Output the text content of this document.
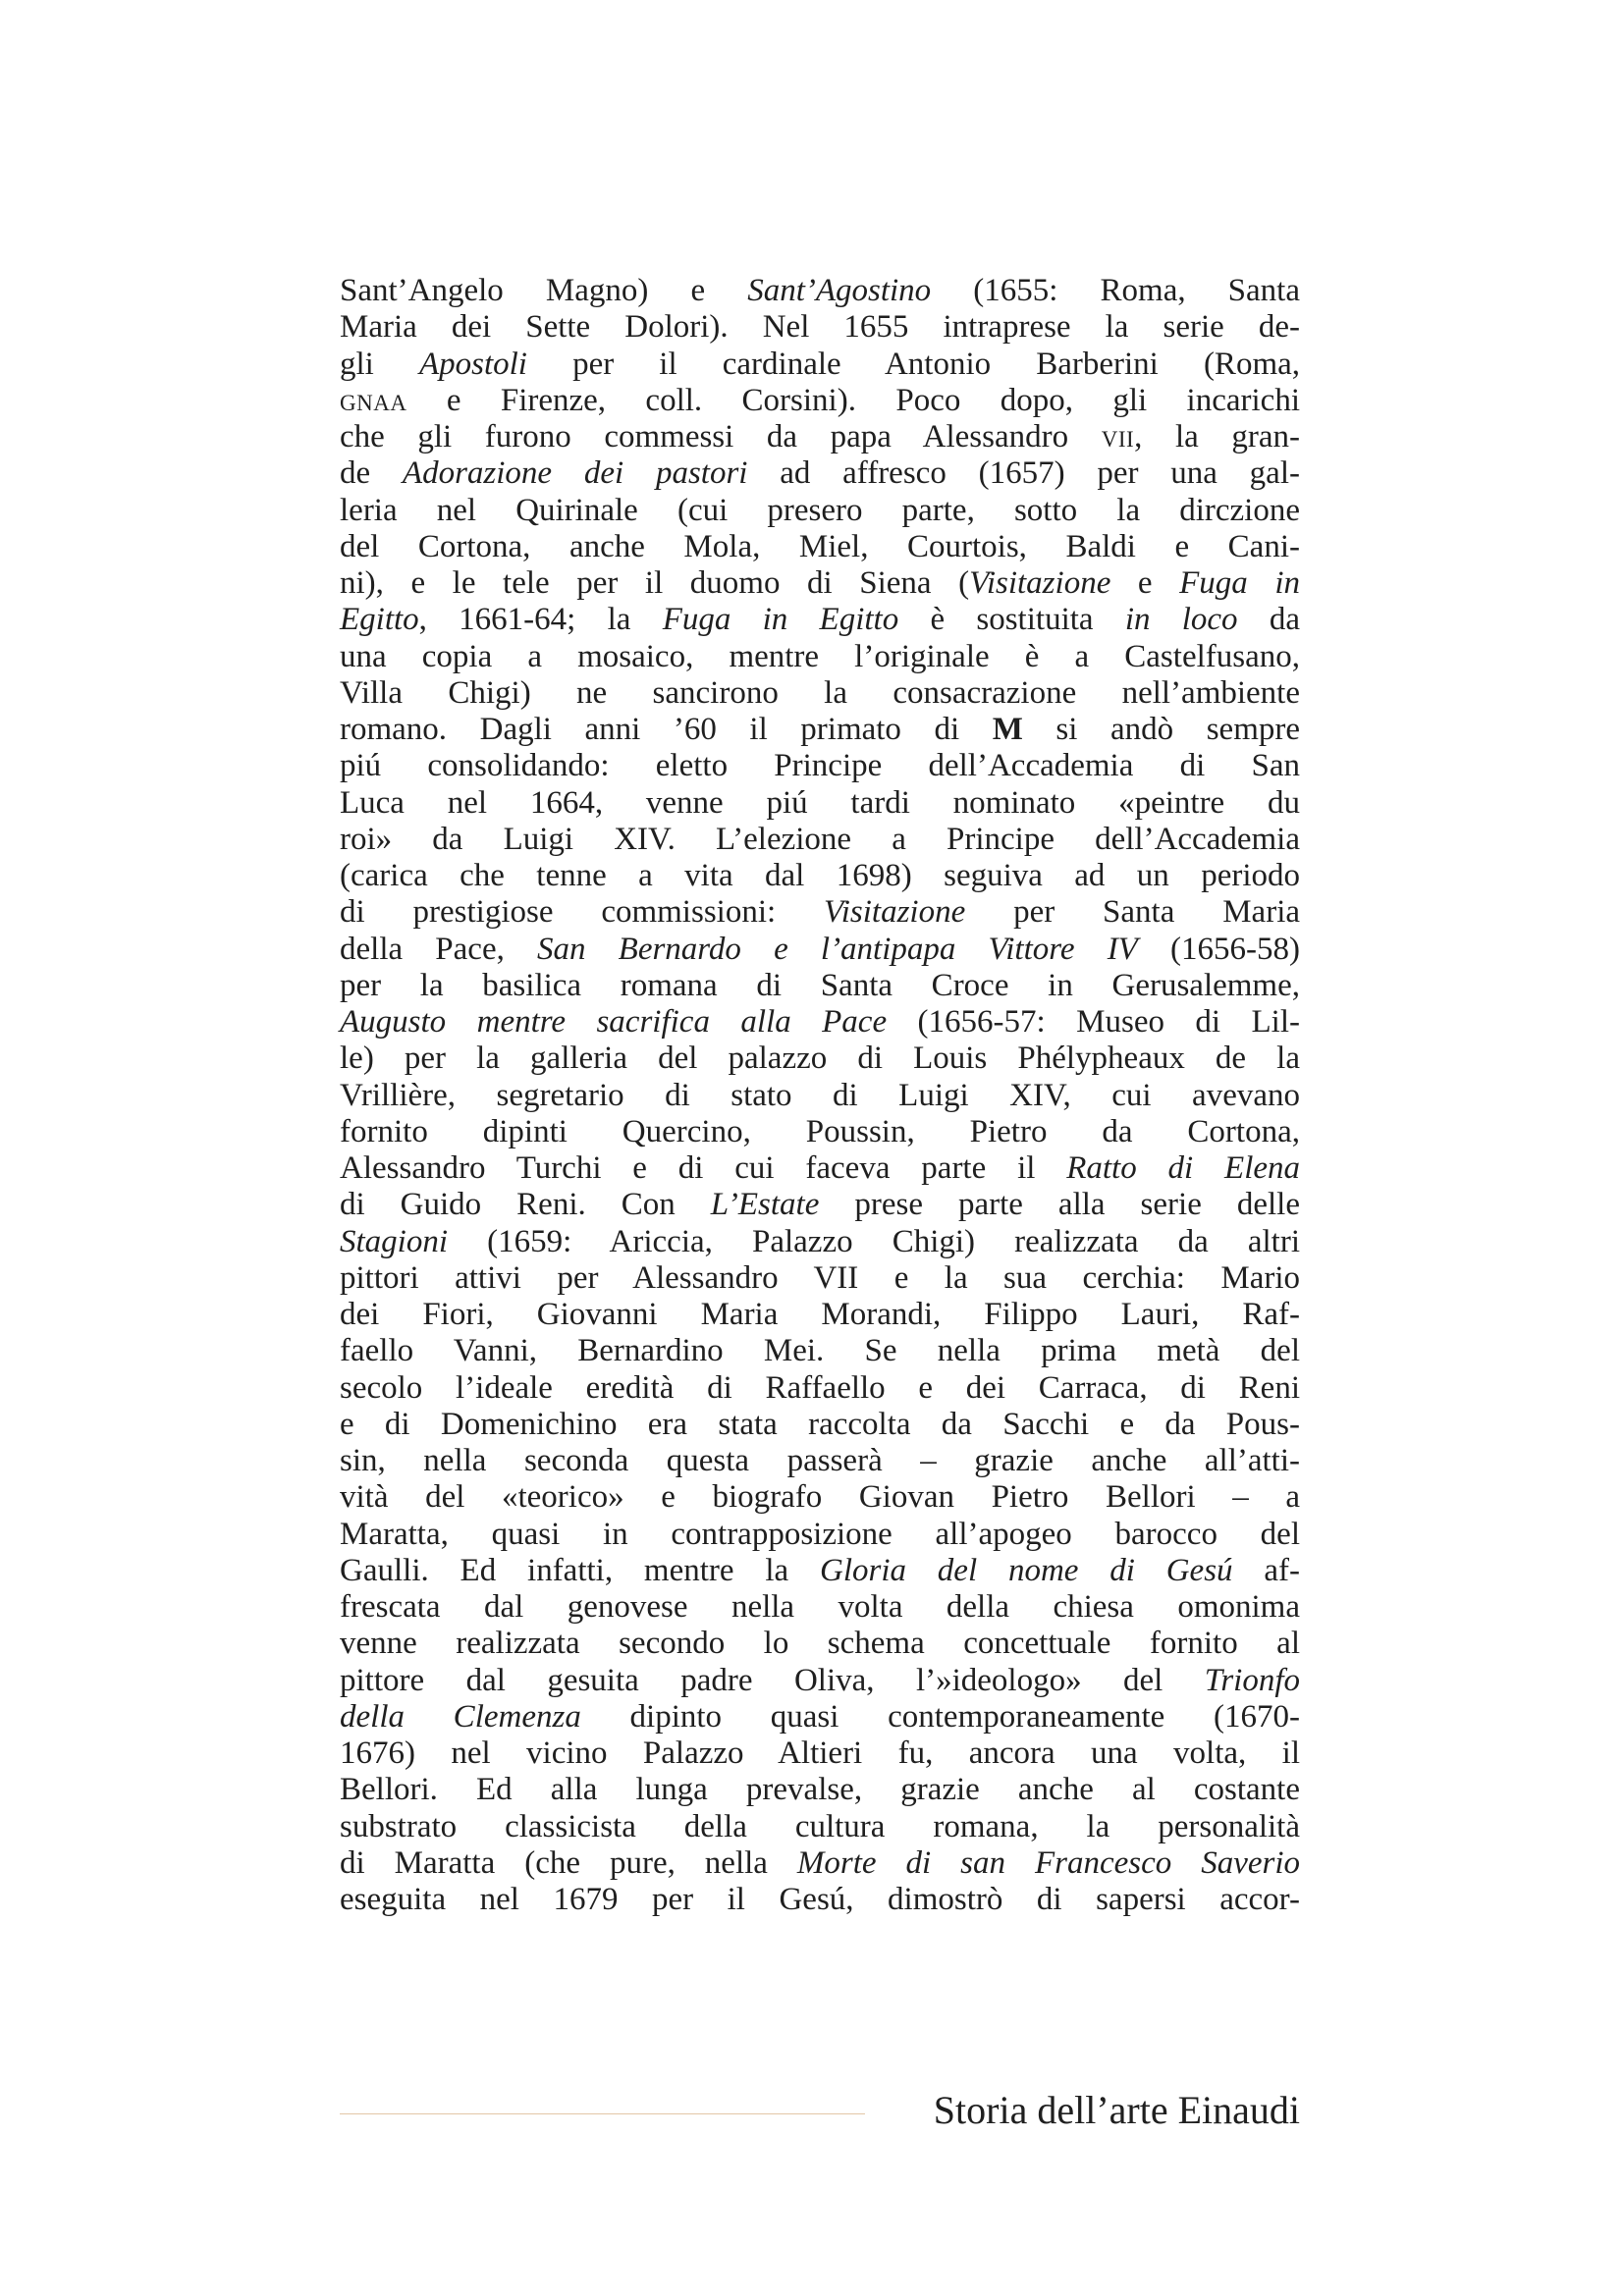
Sant’Angelo Magno) e Sant’Agostino (1655: Roma, Santa
Maria dei Sette Dolori). Nel 1655 intraprese la serie de-
gli Apostoli per il cardinale Antonio Barberini (Roma,
gnaa e Firenze, coll. Corsini). Poco dopo, gli incarichi
che gli furono commessi da papa Alessandro vii, la gran-
de Adorazione dei pastori ad affresco (1657) per una gal-
leria nel Quirinale (cui presero parte, sotto la dirczione
del Cortona, anche Mola, Miel, Courtois, Baldi e Cani-
ni), e le tele per il duomo di Siena (Visitazione e Fuga in
Egitto, 1661-64; la Fuga in Egitto è sostituita in loco da
una copia a mosaico, mentre l’originale è a Castelfusano,
Villa Chigi) ne sancirono la consacrazione nell’ambiente
romano. Dagli anni ’60 il primato di M si andò sempre
piú consolidando: eletto Principe dell’Accademia di San
Luca nel 1664, venne piú tardi nominato «peintre du
roi» da Luigi XIV. L’elezione a Principe dell’Accademia
(carica che tenne a vita dal 1698) seguiva ad un periodo
di prestigiose commissioni: Visitazione per Santa Maria
della Pace, San Bernardo e l’antipapa Vittore IV (1656-58)
per la basilica romana di Santa Croce in Gerusalemme,
Augusto mentre sacrifica alla Pace (1656-57: Museo di Lil-
le) per la galleria del palazzo di Louis Phélypheaux de la
Vrillière, segretario di stato di Luigi XIV, cui avevano
fornito dipinti Quercino, Poussin, Pietro da Cortona,
Alessandro Turchi e di cui faceva parte il Ratto di Elena
di Guido Reni. Con L’Estate prese parte alla serie delle
Stagioni (1659: Ariccia, Palazzo Chigi) realizzata da altri
pittori attivi per Alessandro VII e la sua cerchia: Mario
dei Fiori, Giovanni Maria Morandi, Filippo Lauri, Raf-
faello Vanni, Bernardino Mei. Se nella prima metà del
secolo l’ideale eredità di Raffaello e dei Carraca, di Reni
e di Domenichino era stata raccolta da Sacchi e da Pous-
sin, nella seconda questa passerà – grazie anche all’atti-
vità del «teorico» e biografo Giovan Pietro Bellori – a
Maratta, quasi in contrapposizione all’apogeo barocco del
Gaulli. Ed infatti, mentre la Gloria del nome di Gesú af-
frescata dal genovese nella volta della chiesa omonima
venne realizzata secondo lo schema concettuale fornito al
pittore dal gesuita padre Oliva, l’»ideologo» del Trionfo
della Clemenza dipinto quasi contemporaneamente (1670-
1676) nel vicino Palazzo Altieri fu, ancora una volta, il
Bellori. Ed alla lunga prevalse, grazie anche al costante
substrato classicista della cultura romana, la personalità
di Maratta (che pure, nella Morte di san Francesco Saverio
eseguita nel 1679 per il Gesú, dimostrò di sapersi accor-
Storia dell’arte Einaudi
